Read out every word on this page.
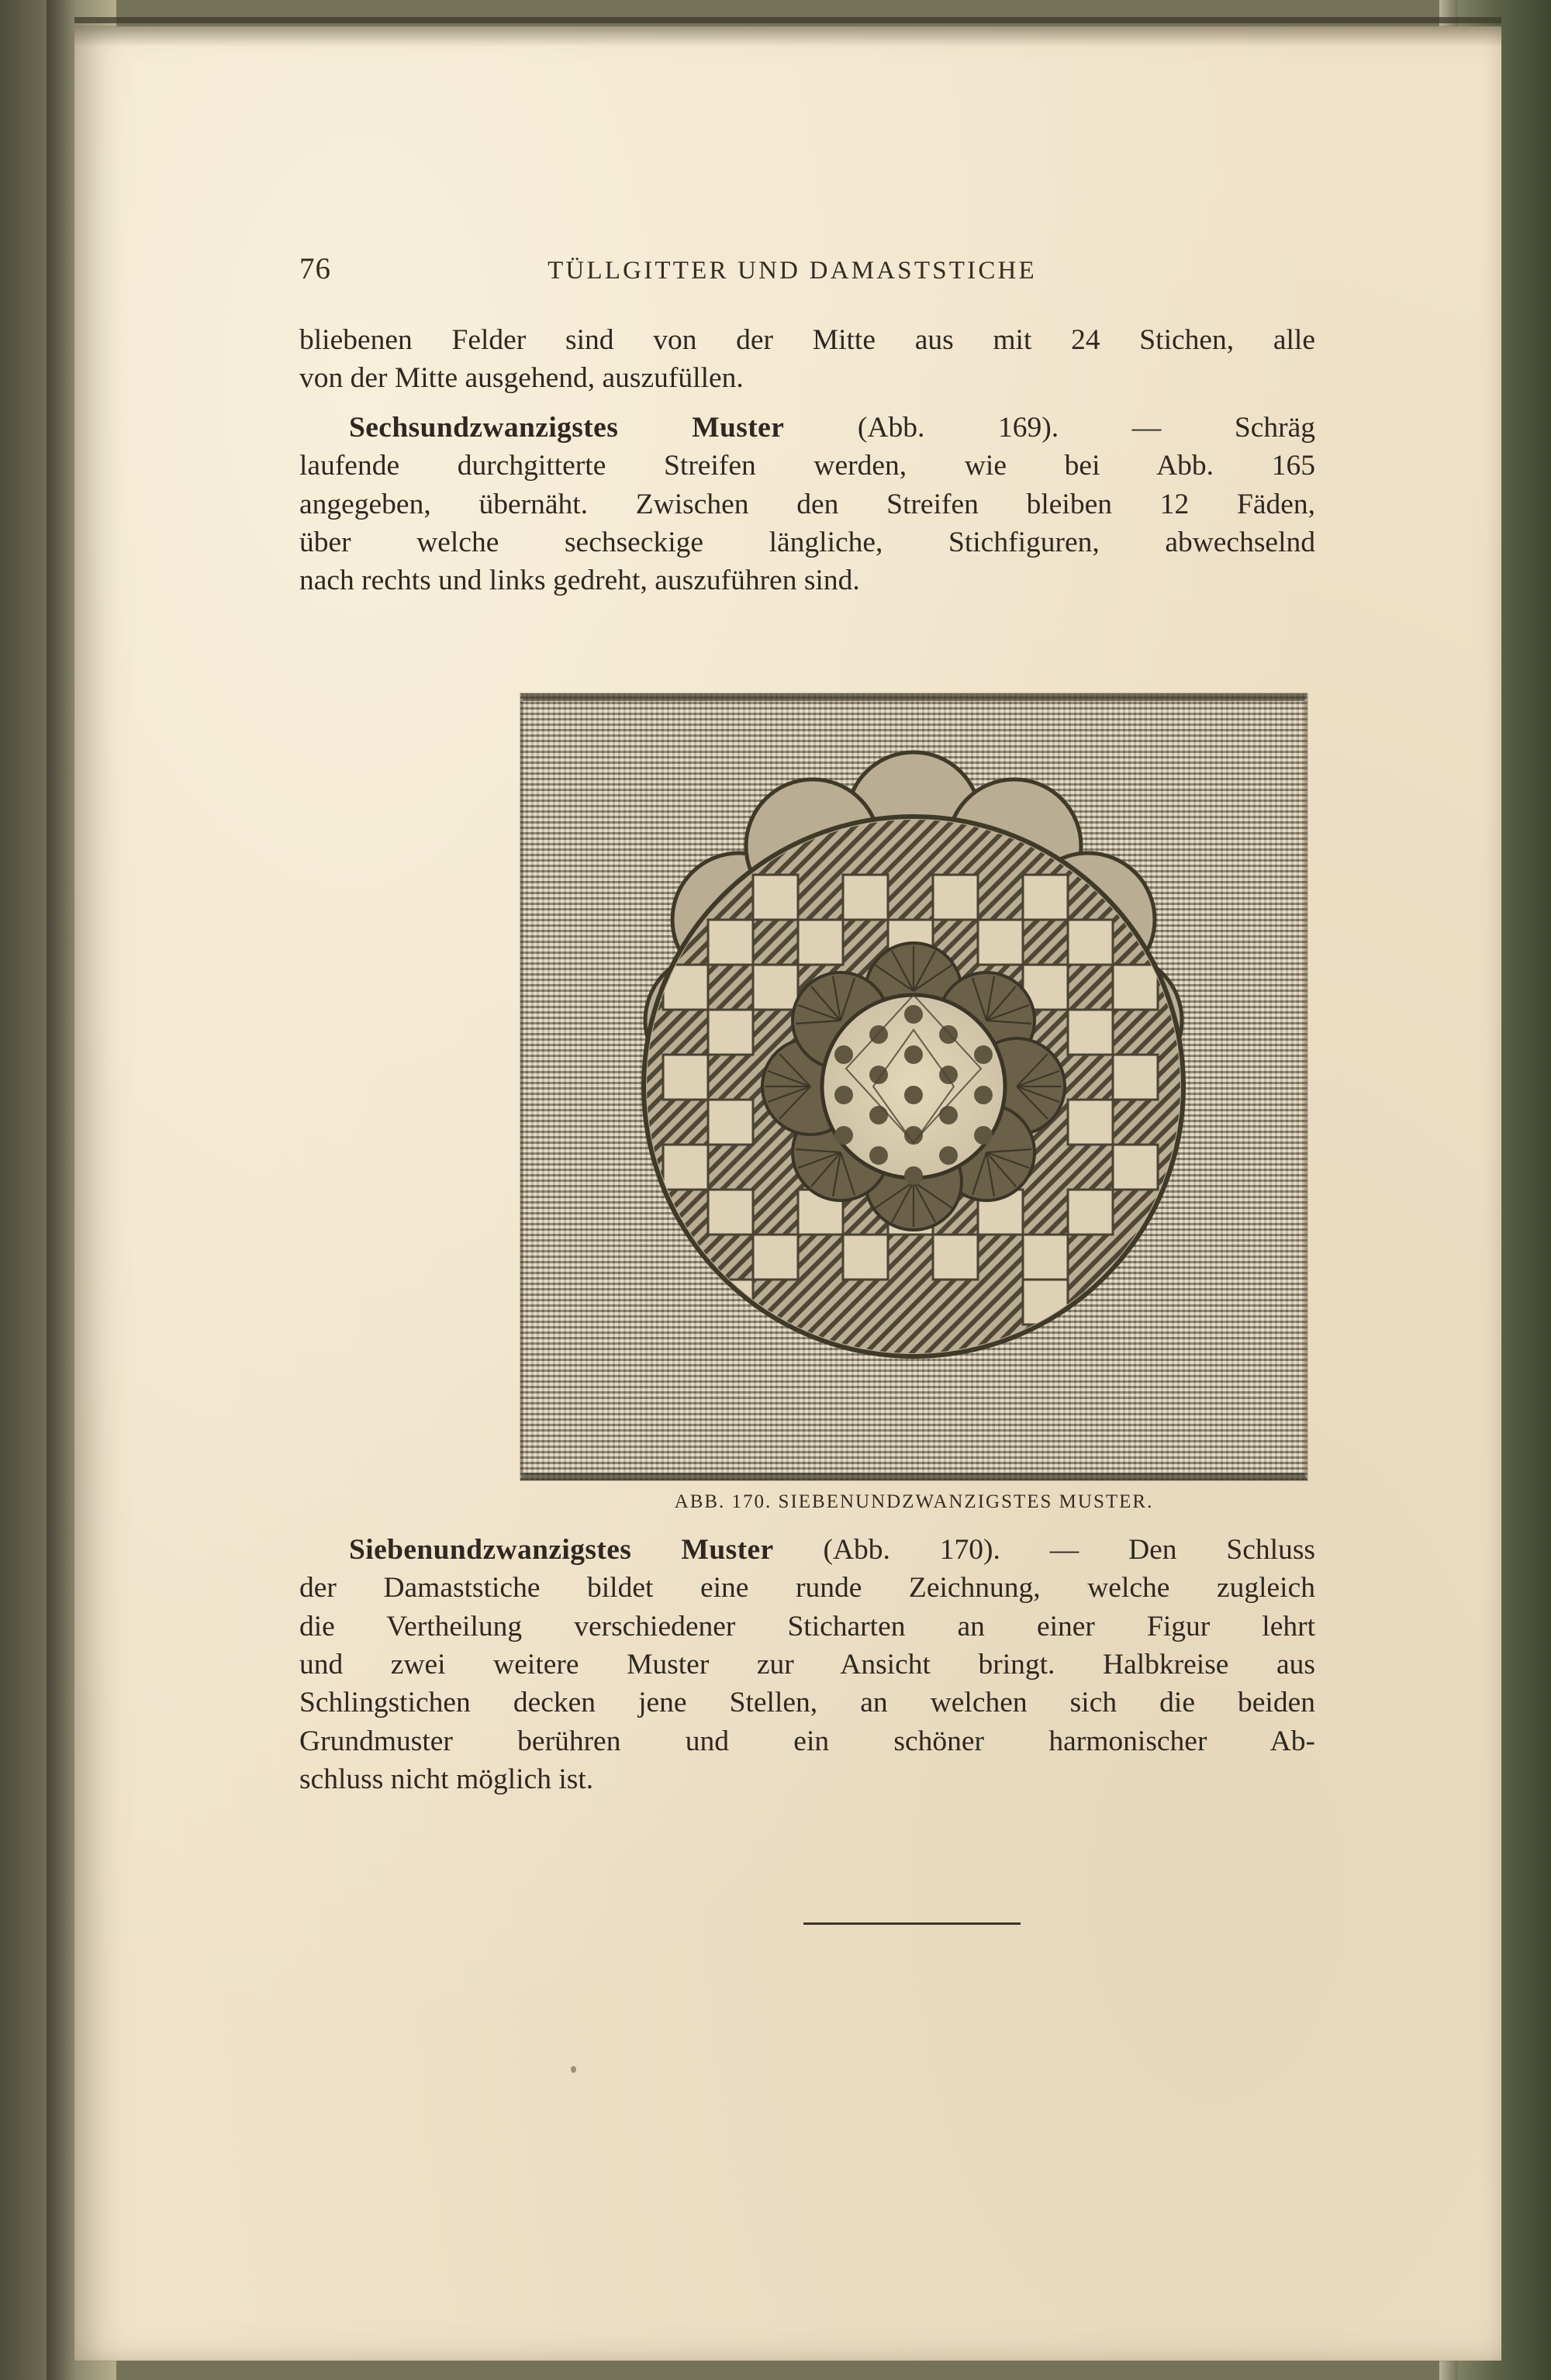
76	TÜLLGITTER UND DAMASTSTICHE
bliebenen Felder sind von der Mitte aus mit 24 Stichen, alle
von der Mitte ausgehend, auszufüllen.
Sechsundzwanzigstes Muster	(Abb. 169). — Schräg
laufende durchgitterte Streifen werden, wie bei Abb. 165
angegeben, übernäht. Zwischen den Streifen bleiben 12 Fäden,
über welche sechseckige längliche, Stichfiguren, abwechselnd
nach rechts und links gedreht, auszuführen sind.
ABB. 170. SIEBENUNDZWANZIGSTES MUSTER.
Siebenundzwanzigstes Muster (Abb. 170). — Den Schluss
der Damaststiche bildet eine runde Zeichnung, welche zugleich
die Vertheilung verschiedener Sticharten an einer Figur lehrt
und zwei weitere Muster zur Ansicht bringt. Halbkreise aus
Schlingstichen decken jene Stellen, an welchen sich die beiden
Grundmuster berühren und ein schöner harmonischer Ab-
schluss nicht möglich ist.
